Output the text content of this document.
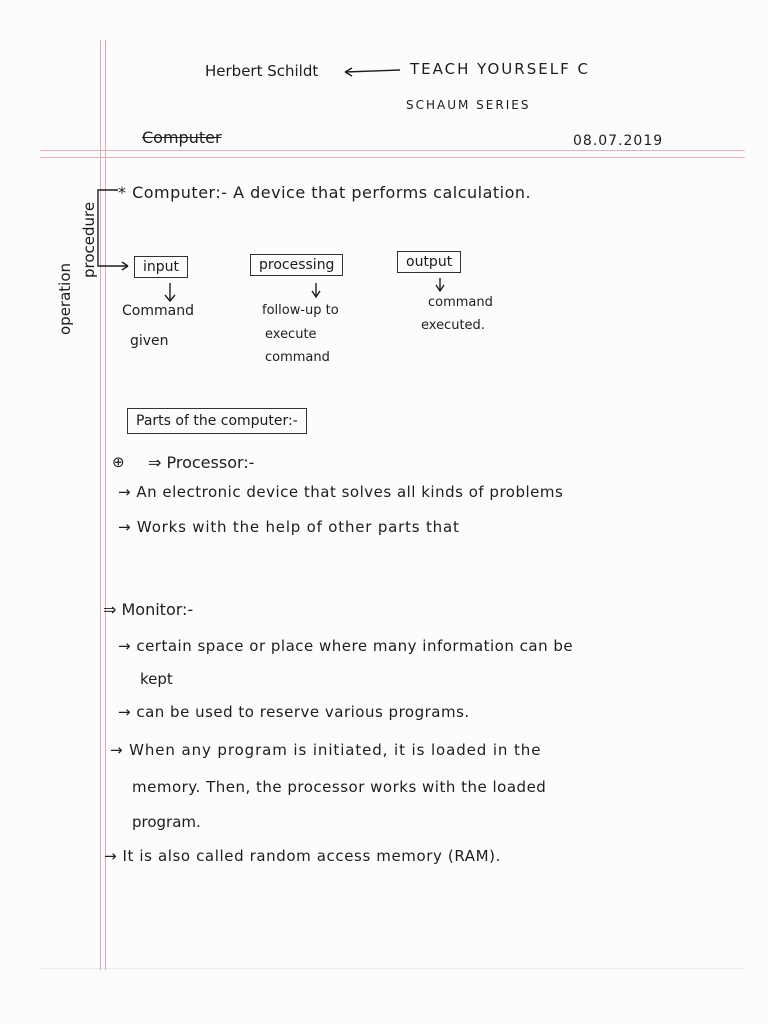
Herbert Schildt	TEACH YOURSELF C
SCHAUM SERIES
Computer	08.07.2019
operation
procedure
* Computer:- A device that performs calculation.
input	processing	output
Command
given
follow-up to
execute
command
command
executed.
Parts of the computer:-
⊕ ⇒ Processor:-
→ An electronic device that solves all kinds of problems
→ Works with the help of other parts that
⇒ Monitor:-
→ certain space or place where many information can be
kept
→ can be used to reserve various programs.
→ When any program is initiated, it is loaded in the
memory. Then, the processor works with the loaded
program.
→ It is also called random access memory (RAM).
